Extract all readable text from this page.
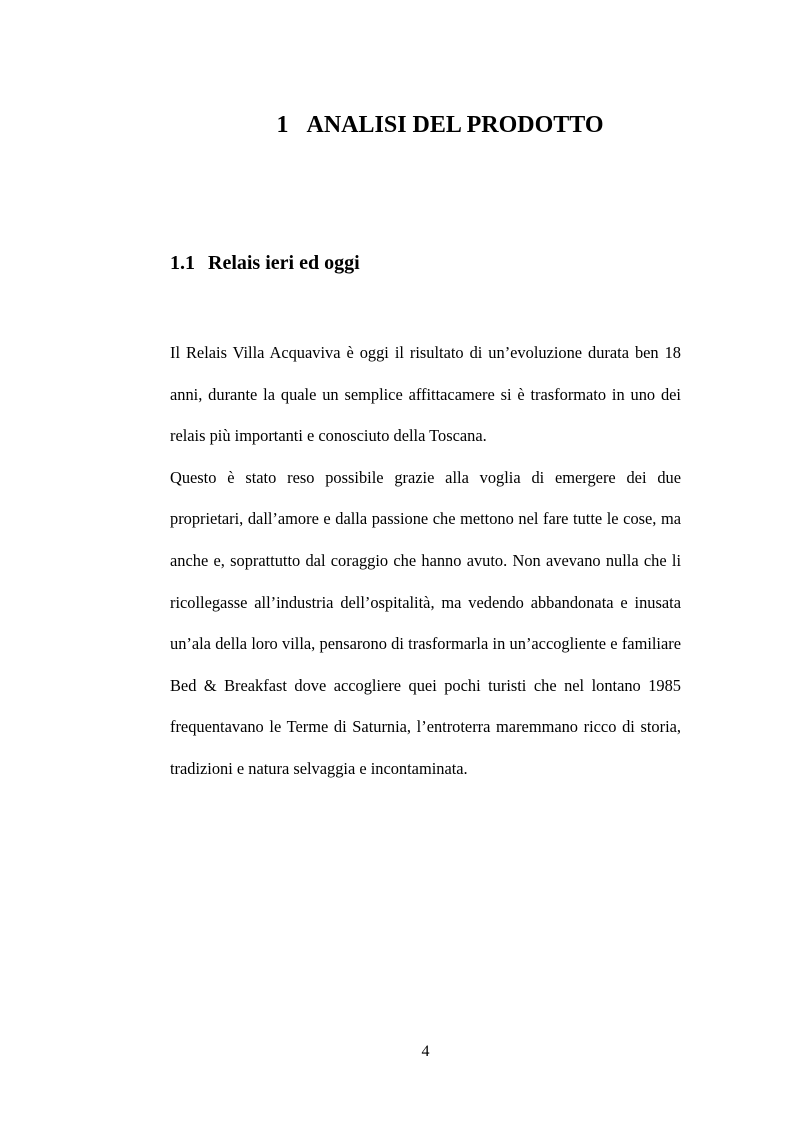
1 ANALISI DEL PRODOTTO
1.1 Relais ieri ed oggi

Il Relais Villa Acquaviva è oggi il risultato di un’evoluzione durata ben 18 anni, durante la quale un semplice affittacamere si è trasformato in uno dei relais più importanti e conosciuto della Toscana.

Questo è stato reso possibile grazie alla voglia di emergere dei due proprietari, dall’amore e dalla passione che mettono nel fare tutte le cose, ma anche e, soprattutto dal coraggio che hanno avuto. Non avevano nulla che li ricollegasse all’industria dell’ospitalità, ma vedendo abbandonata e inusata un’ala della loro villa, pensarono di trasformarla in un’accogliente e familiare Bed & Breakfast dove accogliere quei pochi turisti che nel lontano 1985 frequentavano le Terme di Saturnia, l’entroterra maremmano ricco di storia, tradizioni e natura selvaggia e incontaminata.

4
